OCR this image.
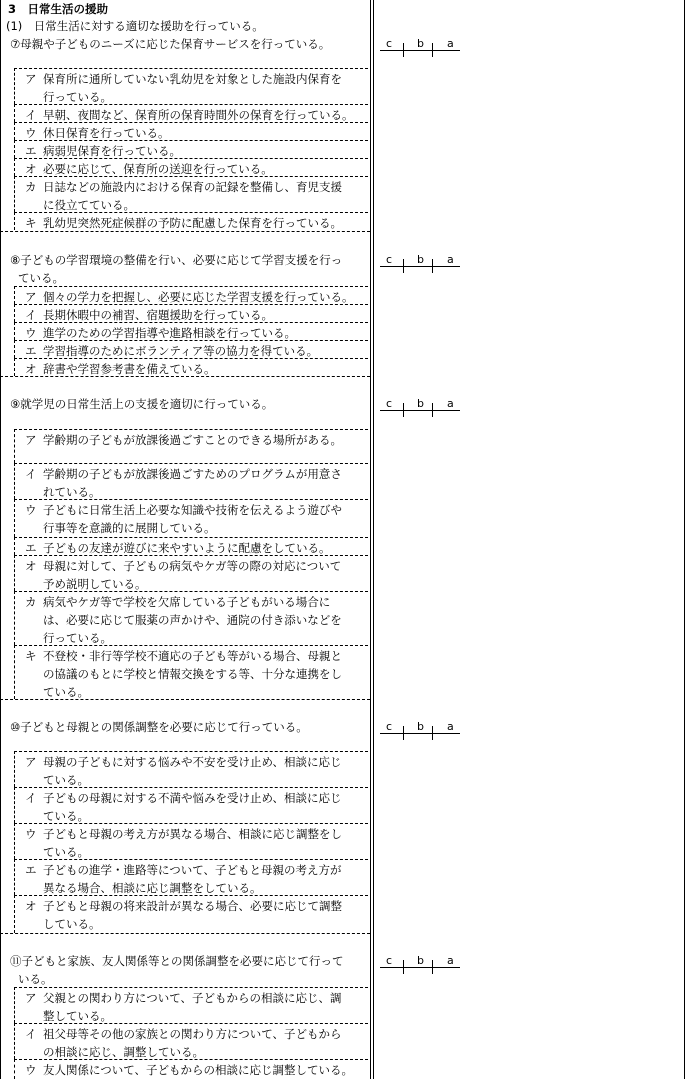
3　日常生活の援助
(1)　日常生活に対する適切な援助を行っている。
⑦母親や子どものニーズに応じた保育サービスを行っている。	c b a
ア 保育所に通所していない乳幼児を対象とした施設内保育を
行っている。
イ 早朝、夜間など、保育所の保育時間外の保育を行っている。
ウ 休日保育を行っている。
エ 病弱児保育を行っている。
オ 必要に応じて、保育所の送迎を行っている。
カ 日誌などの施設内における保育の記録を整備し、育児支援
に役立てている。
キ 乳幼児突然死症候群の予防に配慮した保育を行っている。
⑧子どもの学習環境の整備を行い、必要に応じて学習支援を行っ
ている。
c b a
ア 個々の学力を把握し、必要に応じた学習支援を行っている。
イ 長期休暇中の補習、宿題援助を行っている。
ウ 進学のための学習指導や進路相談を行っている。
エ 学習指導のためにボランティア等の協力を得ている。
オ 辞書や学習参考書を備えている。
⑨就学児の日常生活上の支援を適切に行っている。	c b a
ア 学齢期の子どもが放課後過ごすことのできる場所がある。
イ 学齢期の子どもが放課後過ごすためのプログラムが用意さ
れている。
ウ 子どもに日常生活上必要な知識や技術を伝えるよう遊びや
行事等を意識的に展開している。
エ 子どもの友達が遊びに来やすいように配慮をしている。
オ 母親に対して、子どもの病気やケガ等の際の対応について
予め説明している。
カ 病気やケガ等で学校を欠席している子どもがいる場合に
は、必要に応じて服薬の声かけや、通院の付き添いなどを
行っている。
キ 不登校・非行等学校不適応の子ども等がいる場合、母親と
の協議のもとに学校と情報交換をする等、十分な連携をし
ている。
⑩子どもと母親との関係調整を必要に応じて行っている。	c b a
ア 母親の子どもに対する悩みや不安を受け止め、相談に応じ
ている。
イ 子どもの母親に対する不満や悩みを受け止め、相談に応じ
ている。
ウ 子どもと母親の考え方が異なる場合、相談に応じ調整をし
ている。
エ 子どもの進学・進路等について、子どもと母親の考え方が
異なる場合、相談に応じ調整をしている。
オ 子どもと母親の将来設計が異なる場合、必要に応じて調整
している。
⑪子どもと家族、友人関係等との関係調整を必要に応じて行って
いる。
c b a
ア 父親との関わり方について、子どもからの相談に応じ、調
整している。
イ 祖父母等その他の家族との関わり方について、子どもから
の相談に応じ、調整している。
ウ 友人関係について、子どもからの相談に応じ調整している。
